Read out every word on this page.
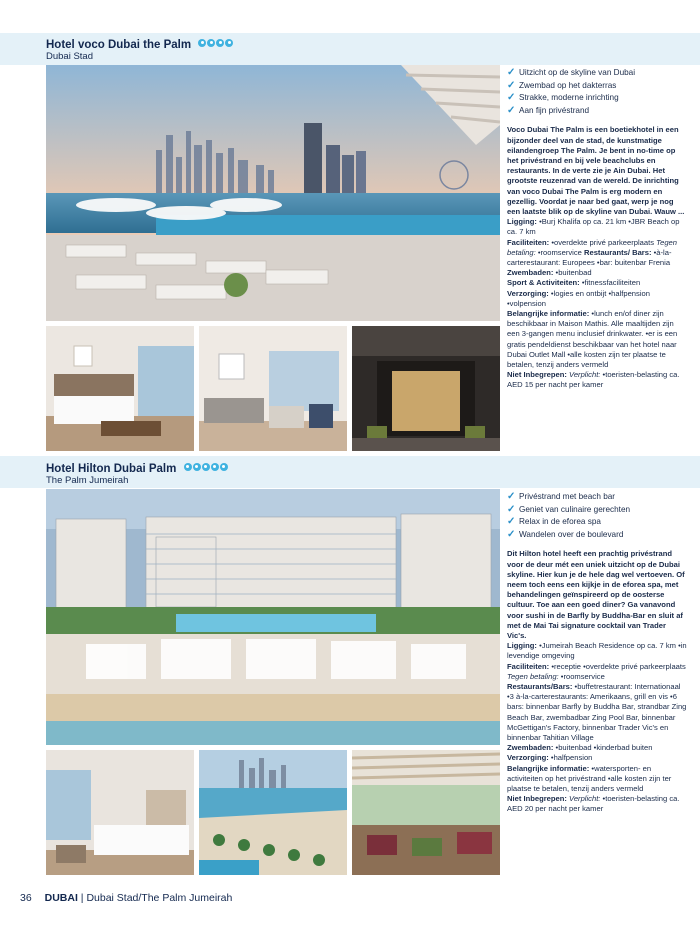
Hotel voco Dubai the Palm
Dubai Stad
✓ Uitzicht op de skyline van Dubai
✓ Zwembad op het dakterras
✓ Strakke, moderne inrichting
✓ Aan fijn privéstrand

Voco Dubai The Palm is een boetiekhotel in een bijzonder deel van de stad, de kunstmatige eilandengroep The Palm. Je bent in no-time op het privéstrand en bij vele beachclubs en restaurants. In de verte zie je Ain Dubai. Het grootste reuzenrad van de wereld. De inrichting van voco Dubai The Palm is erg modern en gezellig. Voordat je naar bed gaat, werp je nog een laatste blik op de skyline van Dubai. Wauw ...

Ligging: •Burj Khalifa op ca. 21 km •JBR Beach op ca. 7 km

Faciliteiten: •overdekte privé parkeerplaats Tegen betaling: •roomservice Restaurants/ Bars: •à-la-carterestaurant: Europees •bar: buitenbar Frenia Zwembaden: •buitenbad

Sport & Activiteiten: •fitnessfaciliteiten

Verzorging: •logies en ontbijt •halfpension •volpension

Belangrijke informatie: •lunch en/of diner zijn beschikbaar in Maison Mathis. Alle maaltijden zijn een 3-gangen menu inclusief drinkwater. •er is een gratis pendeldienst beschikbaar van het hotel naar Dubai Outlet Mall •alle kosten zijn ter plaatse te betalen, tenzij anders vermeld

Niet Inbegrepen: Verplicht: •toeristen-belasting ca. AED 15 per nacht per kamer

Hotel Hilton Dubai Palm
The Palm Jumeirah
✓ Privéstrand met beach bar
✓ Geniet van culinaire gerechten
✓ Relax in de eforea spa
✓ Wandelen over de boulevard

Dit Hilton hotel heeft een prachtig privéstrand voor de deur mét een uniek uitzicht op de Dubai skyline. Hier kun je de hele dag wel vertoeven. Of neem toch eens een kijkje in de eforea spa, met behandelingen geïnspireerd op de oosterse cultuur. Toe aan een goed diner? Ga vanavond voor sushi in de Barfly by Buddha-Bar en sluit af met de Mai Tai signature cocktail van Trader Vic's.

Ligging: •Jumeirah Beach Residence op ca. 7 km •in levendige omgeving

Faciliteiten: •receptie •overdekte privé parkeerplaats Tegen betaling: •roomservice

Restaurants/Bars: •buffetrestaurant: Internationaal •3 à-la-carterestaurants: Amerikaans, grill en vis •6 bars: binnenbar Barfly by Buddha Bar, strandbar Zing Beach Bar, zwembadbar Zing Pool Bar, binnenbar McGettigan's Factory, binnenbar Trader Vic's en binnenbar Tahitian Village

Zwembaden: •buitenbad •kinderbad buiten

Verzorging: •halfpension

Belangrijke informatie: •watersporten- en activiteiten op het privéstrand •alle kosten zijn ter plaatse te betalen, tenzij anders vermeld

Niet Inbegrepen: Verplicht: •toeristen-belasting ca. AED 20 per nacht per kamer

36 DUBAI | Dubai Stad/The Palm Jumeirah
